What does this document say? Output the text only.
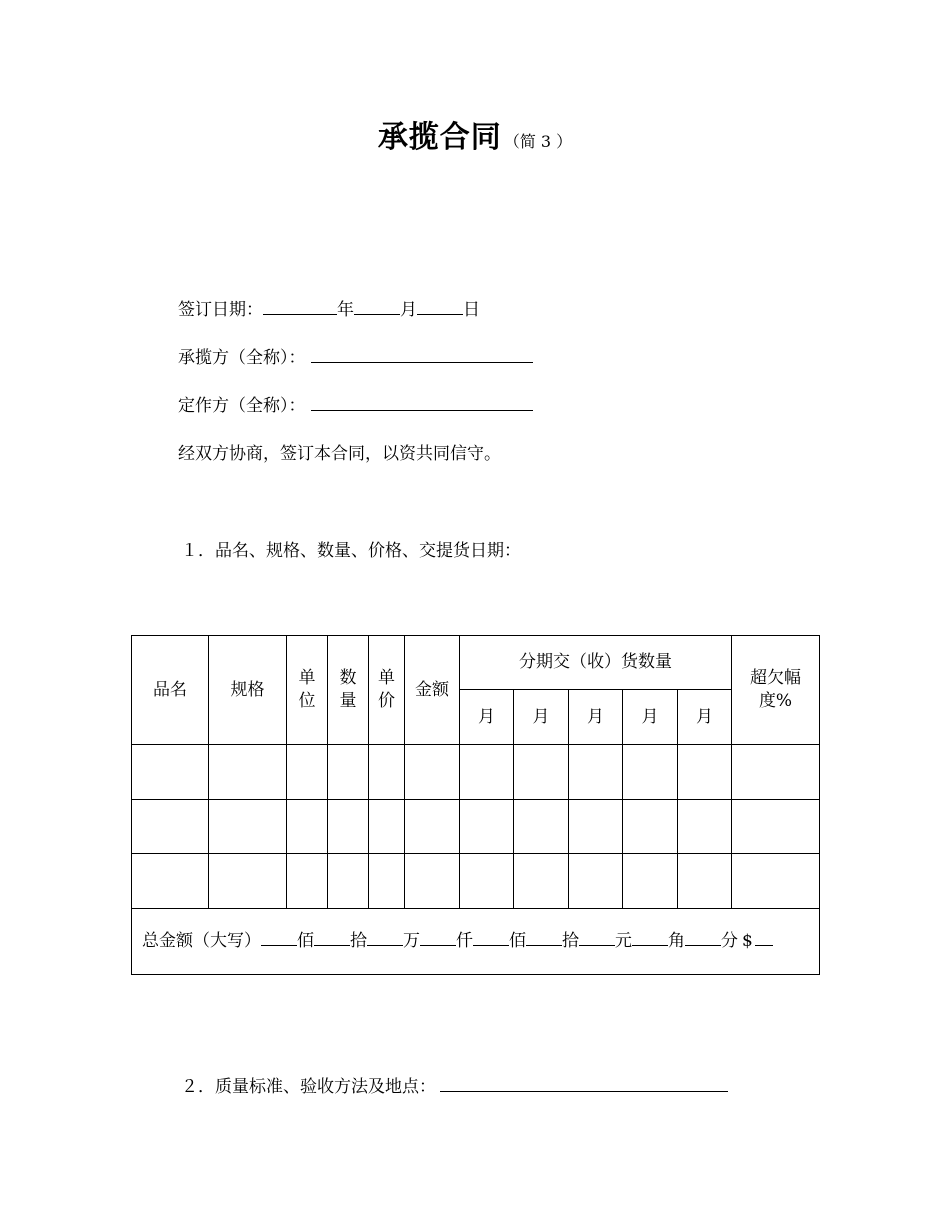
承揽合同 （简 3 ）
签订日期：	年	月	日
承揽方（全称）：
定作方（全称）：
经双方协商，签订本合同，以资共同信守。
１．品名、规格、数量、价格、交提货日期：
品名	规格	单位	数量	单价	金额	分期交（收）货数量					超欠幅度%

						月	月	月	月	月	

总金额（大写） 佰 拾 万 仟 佰 拾 元 角 分 $											
２．质量标准、验收方法及地点：
